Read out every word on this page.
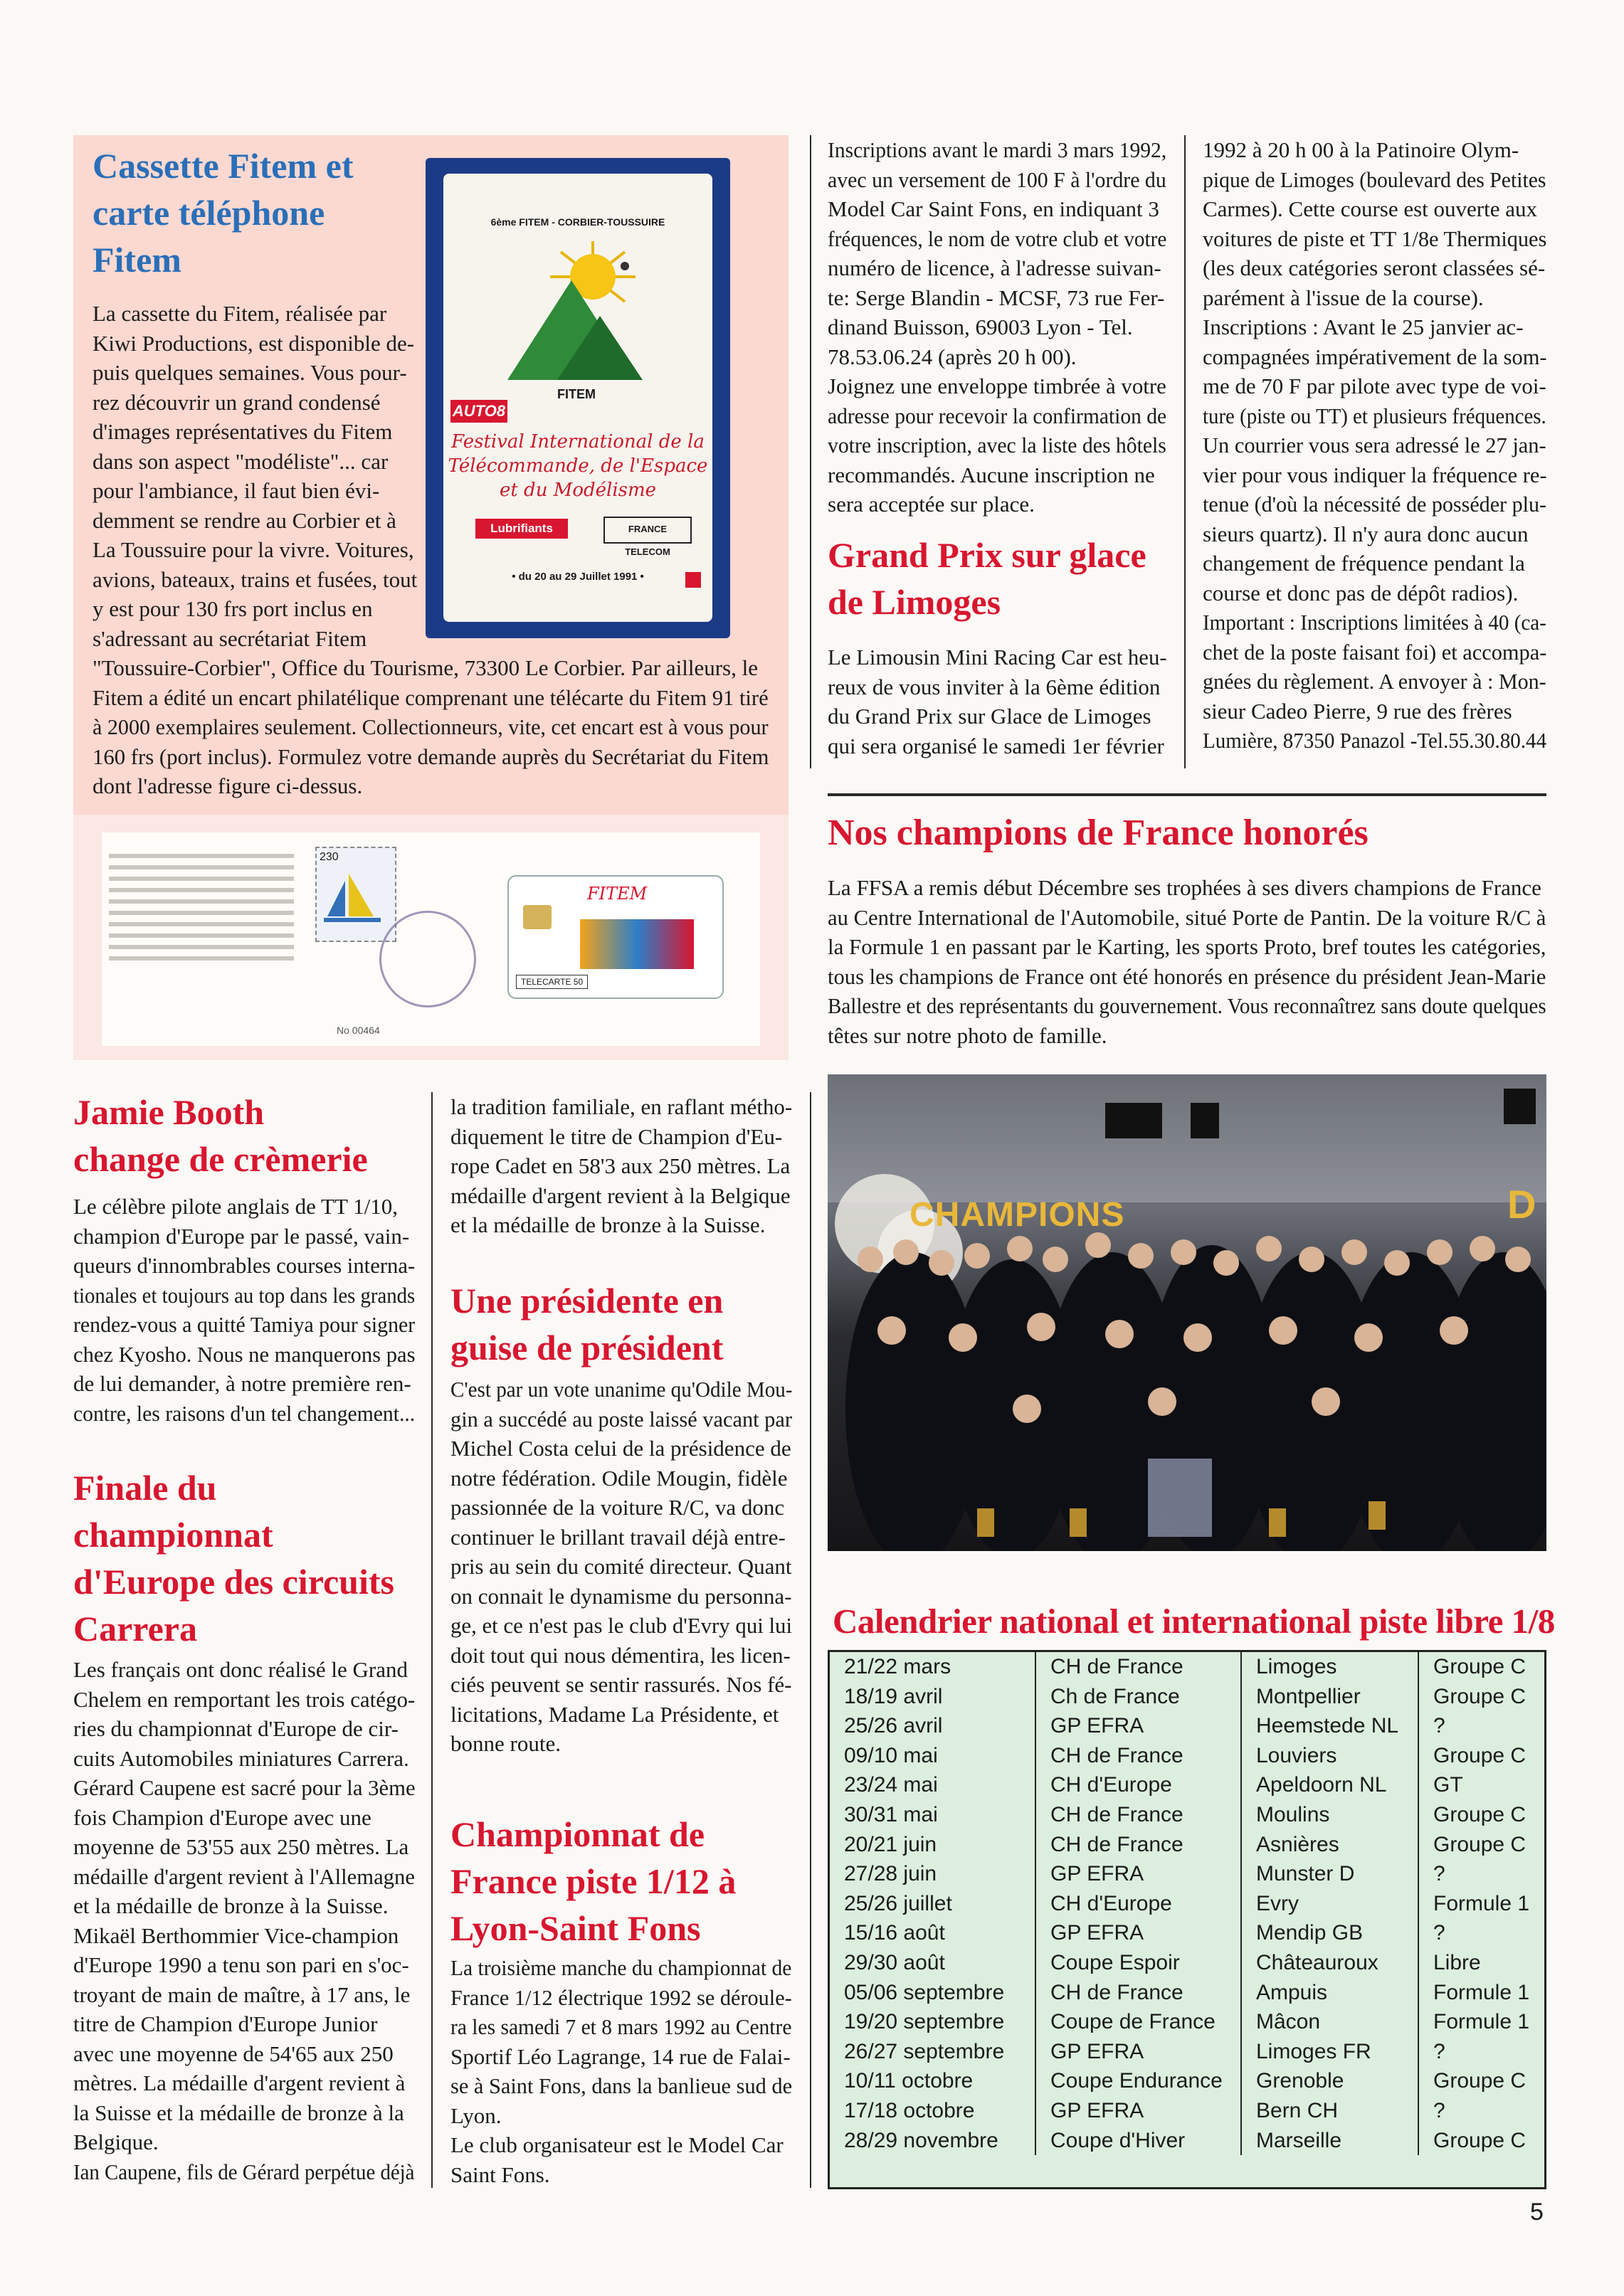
Cassette Fitem et
carte téléphone
Fitem
La cassette du Fitem, réalisée par
Kiwi Productions, est disponible de-
puis quelques semaines. Vous pour-
rez découvrir un grand condensé
d'images représentatives du Fitem
dans son aspect "modéliste"... car
pour l'ambiance, il faut bien évi-
demment se rendre au Corbier et à
La Toussuire pour la vivre. Voitures,
avions, bateaux, trains et fusées, tout
y est pour 130 frs port inclus en
s'adressant au secrétariat Fitem
"Toussuire-Corbier", Office du Tourisme, 73300 Le Corbier. Par ailleurs, le
Fitem a édité un encart philatélique comprenant une télécarte du Fitem 91 tiré
à 2000 exemplaires seulement. Collectionneurs, vite, cet encart est à vous pour
160 frs (port inclus). Formulez votre demande auprès du Secrétariat du Fitem
dont l'adresse figure ci-dessus.
6ème FITEM - CORBIER-TOUSSUIRE
FITEM
AUTO8
Festival International de la
Télécommande, de l'Espace
et du Modélisme
Lubrifiants	FRANCE TELECOM
• du 20 au 29 Juillet 1991 •
230
FITEM
TELECARTE 50
No 00464
Inscriptions avant le mardi 3 mars 1992,
avec un versement de 100 F à l'ordre du
Model Car Saint Fons, en indiquant 3
fréquences, le nom de votre club et votre
numéro de licence, à l'adresse suivan-
te: Serge Blandin - MCSF, 73 rue Fer-
dinand Buisson, 69003 Lyon - Tel.
78.53.06.24 (après 20 h 00).
Joignez une enveloppe timbrée à votre
adresse pour recevoir la confirmation de
votre inscription, avec la liste des hôtels
recommandés. Aucune inscription ne
sera acceptée sur place.
Grand Prix sur glace
de Limoges
Le Limousin Mini Racing Car est heu-
reux de vous inviter à la 6ème édition
du Grand Prix sur Glace de Limoges
qui sera organisé le samedi 1er février
1992 à 20 h 00 à la Patinoire Olym-
pique de Limoges (boulevard des Petites
Carmes). Cette course est ouverte aux
voitures de piste et TT 1/8e Thermiques
(les deux catégories seront classées sé-
parément à l'issue de la course).
Inscriptions : Avant le 25 janvier ac-
compagnées impérativement de la som-
me de 70 F par pilote avec type de voi-
ture (piste ou TT) et plusieurs fréquences.
Un courrier vous sera adressé le 27 jan-
vier pour vous indiquer la fréquence re-
tenue (d'où la nécessité de posséder plu-
sieurs quartz). Il n'y aura donc aucun
changement de fréquence pendant la
course et donc pas de dépôt radios).
Important : Inscriptions limitées à 40 (ca-
chet de la poste faisant foi) et accompa-
gnées du règlement. A envoyer à : Mon-
sieur Cadeo Pierre, 9 rue des frères
Lumière, 87350 Panazol -Tel.55.30.80.44
Nos champions de France honorés
La FFSA a remis début Décembre ses trophées à ses divers champions de France
au Centre International de l'Automobile, situé Porte de Pantin. De la voiture R/C à
la Formule 1 en passant par le Karting, les sports Proto, bref toutes les catégories,
tous les champions de France ont été honorés en présence du président Jean-Marie
Ballestre et des représentants du gouvernement. Vous reconnaîtrez sans doute quelques
têtes sur notre photo de famille.
CHAMPIONS	D
Calendrier national et international piste libre 1/8
21/22 mars	CH de France	Limoges	Groupe C
18/19 avril	Ch de France	Montpellier	Groupe C
25/26 avril	GP EFRA	Heemstede NL	?
09/10 mai	CH de France	Louviers	Groupe C
23/24 mai	CH d'Europe	Apeldoorn NL	GT
30/31 mai	CH de France	Moulins	Groupe C
20/21 juin	CH de France	Asnières	Groupe C
27/28 juin	GP EFRA	Munster D	?
25/26 juillet	CH d'Europe	Evry	Formule 1
15/16 août	GP EFRA	Mendip GB	?
29/30 août	Coupe Espoir	Châteauroux	Libre
05/06 septembre	CH de France	Ampuis	Formule 1
19/20 septembre	Coupe de France	Mâcon	Formule 1
26/27 septembre	GP EFRA	Limoges FR	?
10/11 octobre	Coupe Endurance	Grenoble	Groupe C
17/18 octobre	GP EFRA	Bern CH	?
28/29 novembre	Coupe d'Hiver	Marseille	Groupe C
Jamie Booth
change de crèmerie
Le célèbre pilote anglais de TT 1/10,
champion d'Europe par le passé, vain-
queurs d'innombrables courses interna-
tionales et toujours au top dans les grands
rendez-vous a quitté Tamiya pour signer
chez Kyosho. Nous ne manquerons pas
de lui demander, à notre première ren-
contre, les raisons d'un tel changement...
Finale du
championnat
d'Europe des circuits
Carrera
Les français ont donc réalisé le Grand
Chelem en remportant les trois catégo-
ries du championnat d'Europe de cir-
cuits Automobiles miniatures Carrera.
Gérard Caupene est sacré pour la 3ème
fois Champion d'Europe avec une
moyenne de 53'55 aux 250 mètres. La
médaille d'argent revient à l'Allemagne
et la médaille de bronze à la Suisse.
Mikaël Berthommier Vice-champion
d'Europe 1990 a tenu son pari en s'oc-
troyant de main de maître, à 17 ans, le
titre de Champion d'Europe Junior
avec une moyenne de 54'65 aux 250
mètres. La médaille d'argent revient à
la Suisse et la médaille de bronze à la
Belgique.
Ian Caupene, fils de Gérard perpétue déjà
la tradition familiale, en raflant métho-
diquement le titre de Champion d'Eu-
rope Cadet en 58'3 aux 250 mètres. La
médaille d'argent revient à la Belgique
et la médaille de bronze à la Suisse.
Une présidente en
guise de président
C'est par un vote unanime qu'Odile Mou-
gin a succédé au poste laissé vacant par
Michel Costa celui de la présidence de
notre fédération. Odile Mougin, fidèle
passionnée de la voiture R/C, va donc
continuer le brillant travail déjà entre-
pris au sein du comité directeur. Quant
on connait le dynamisme du personna-
ge, et ce n'est pas le club d'Evry qui lui
doit tout qui nous démentira, les licen-
ciés peuvent se sentir rassurés. Nos fé-
licitations, Madame La Présidente, et
bonne route.
Championnat de
France piste 1/12 à
Lyon-Saint Fons
La troisième manche du championnat de
France 1/12 électrique 1992 se déroule-
ra les samedi 7 et 8 mars 1992 au Centre
Sportif Léo Lagrange, 14 rue de Falai-
se à Saint Fons, dans la banlieue sud de
Lyon.
Le club organisateur est le Model Car
Saint Fons.
5
